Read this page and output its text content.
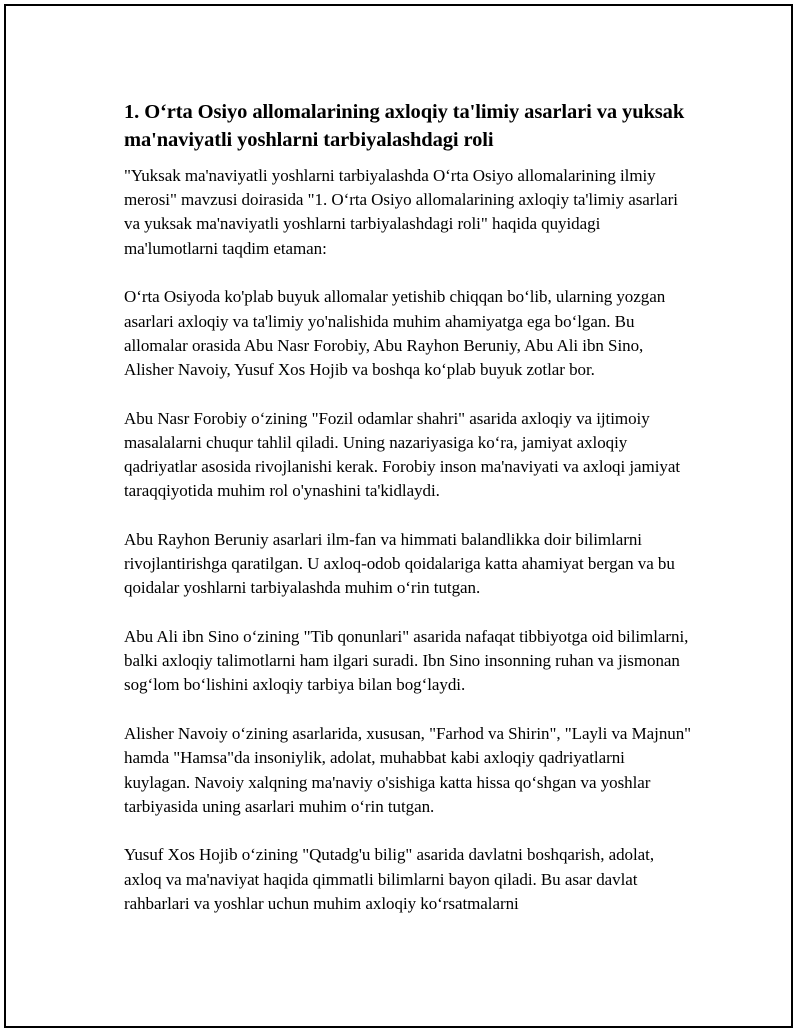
1. O‘rta Osiyo allomalarining axloqiy ta'limiy asarlari va yuksak ma'naviyatli yoshlarni tarbiyalashdagi roli

"Yuksak ma'naviyatli yoshlarni tarbiyalashda O‘rta Osiyo allomalarining ilmiy merosi" mavzusi doirasida "1. O‘rta Osiyo allomalarining axloqiy ta'limiy asarlari va yuksak ma'naviyatli yoshlarni tarbiyalashdagi roli" haqida quyidagi ma'lumotlarni taqdim etaman:

O‘rta Osiyoda ko'plab buyuk allomalar yetishib chiqqan bo‘lib, ularning yozgan asarlari axloqiy va ta'limiy yo'nalishida muhim ahamiyatga ega bo‘lgan. Bu allomalar orasida Abu Nasr Forobiy, Abu Rayhon Beruniy, Abu Ali ibn Sino, Alisher Navoiy, Yusuf Xos Hojib va boshqa ko‘plab buyuk zotlar bor.

Abu Nasr Forobiy o‘zining "Fozil odamlar shahri" asarida axloqiy va ijtimoiy masalalarni chuqur tahlil qiladi. Uning nazariyasiga ko‘ra, jamiyat axloqiy qadriyatlar asosida rivojlanishi kerak. Forobiy inson ma'naviyati va axloqi jamiyat taraqqiyotida muhim rol o'ynashini ta'kidlaydi.

Abu Rayhon Beruniy asarlari ilm-fan va himmati balandlikka doir bilimlarni rivojlantirishga qaratilgan. U axloq-odob qoidalariga katta ahamiyat bergan va bu qoidalar yoshlarni tarbiyalashda muhim o‘rin tutgan.

Abu Ali ibn Sino o‘zining "Tib qonunlari" asarida nafaqat tibbiyotga oid bilimlarni, balki axloqiy talimotlarni ham ilgari suradi. Ibn Sino insonning ruhan va jismonan sog‘lom bo‘lishini axloqiy tarbiya bilan bog‘laydi.

Alisher Navoiy o‘zining asarlarida, xususan, "Farhod va Shirin", "Layli va Majnun" hamda "Hamsa"da insoniylik, adolat, muhabbat kabi axloqiy qadriyatlarni kuylagan. Navoiy xalqning ma'naviy o'sishiga katta hissa qo‘shgan va yoshlar tarbiyasida uning asarlari muhim o‘rin tutgan.

Yusuf Xos Hojib o‘zining "Qutadg'u bilig" asarida davlatni boshqarish, adolat, axloq va ma'naviyat haqida qimmatli bilimlarni bayon qiladi. Bu asar davlat rahbarlari va yoshlar uchun muhim axloqiy ko‘rsatmalarni
